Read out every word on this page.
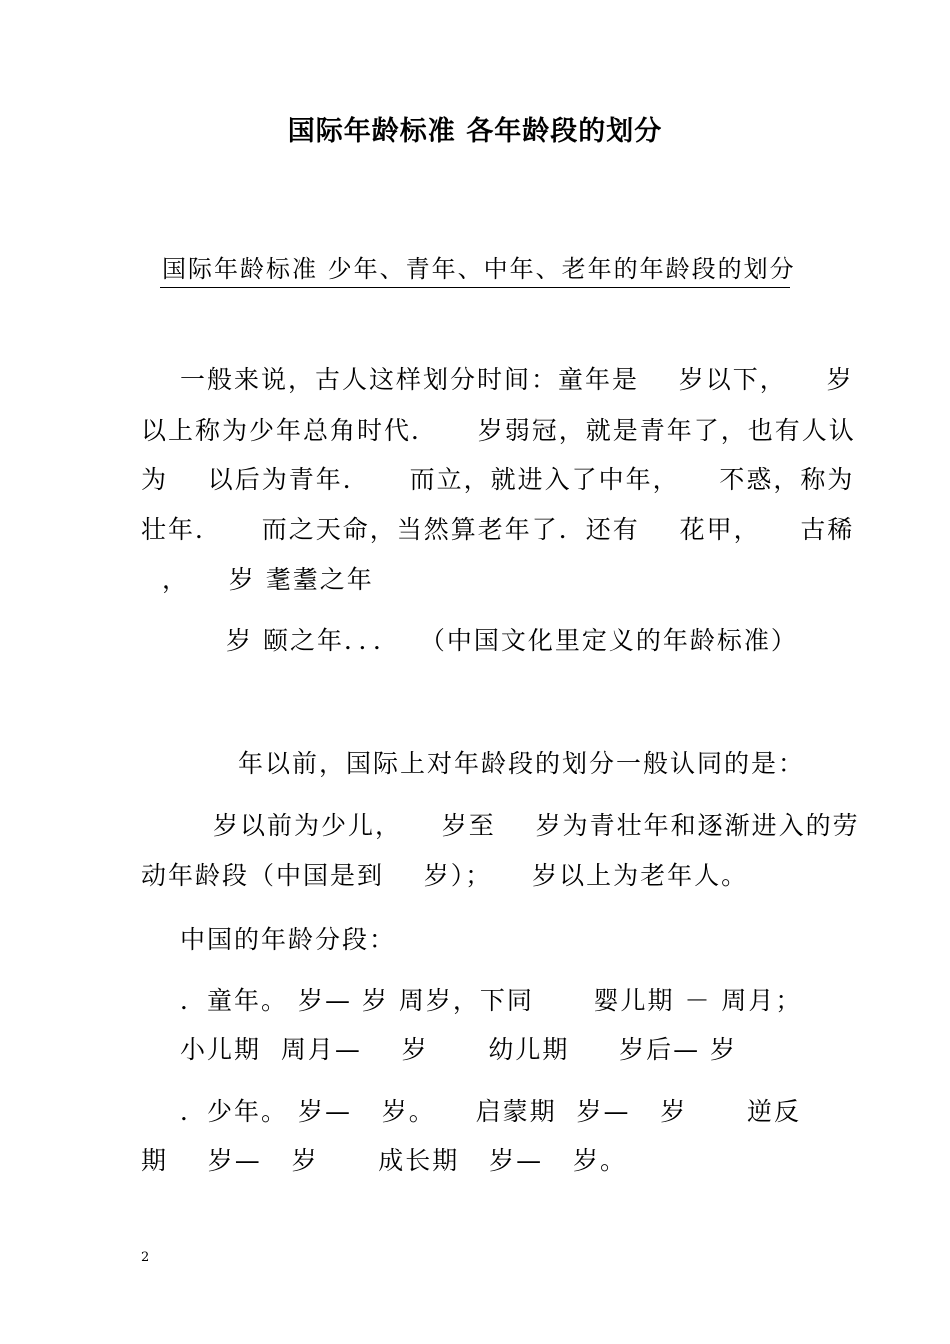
国际年龄标准 各年龄段的划分
国际年龄标准 少年、青年、中年、老年的年龄段的划分
一般来说，古人这样划分时间：童年是    岁以下，    岁
以上称为少年总角时代．    岁弱冠，就是青年了，也有人认
为    以后为青年．    而立，就进入了中年，    不惑，称为
壮年．    而之天命，当然算老年了．还有    花甲，    古稀
，    岁 耄耋之年
岁 颐之年．．．  （中国文化里定义的年龄标准）
年以前，国际上对年龄段的划分一般认同的是：
岁以前为少儿，    岁至    岁为青壮年和逐渐进入的劳
动年龄段（中国是到    岁）；    岁以上为老年人。
中国的年龄分段：
．童年。 岁— 岁 周岁，下同      婴儿期 － 周月；
小儿期  周月—    岁      幼儿期     岁后— 岁
．少年。 岁—   岁。    启蒙期  岁—   岁      逆反
期    岁—   岁      成长期   岁—   岁。
2
